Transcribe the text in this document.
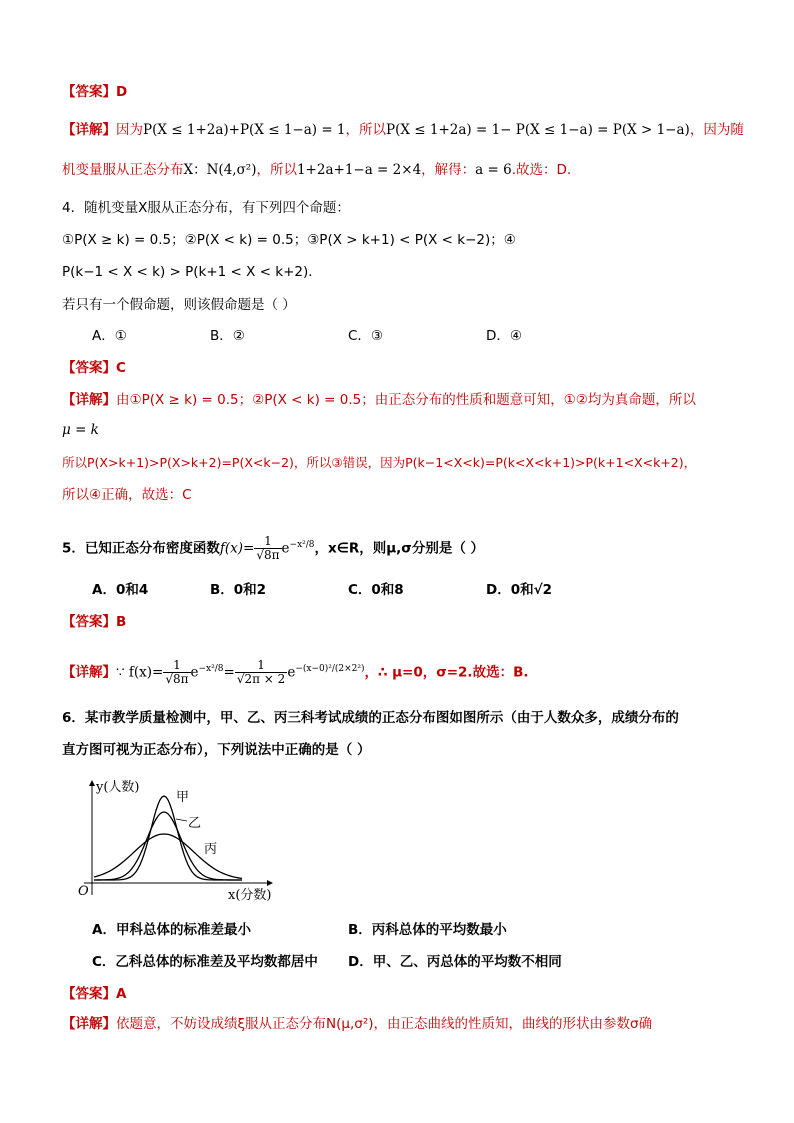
【答案】D
【详解】因为P(X ≤ 1+2a)+P(X ≤ 1−a) = 1，所以P(X ≤ 1+2a) = 1− P(X ≤ 1−a) = P(X > 1−a)，因为随
机变量服从正态分布X：N(4,σ²)，所以1+2a+1−a = 2×4，解得：a = 6.故选：D.
4．随机变量X服从正态分布，有下列四个命题：
①P(X ≥ k) = 0.5；②P(X < k) = 0.5；③P(X > k+1) < P(X < k−2)；④
P(k−1 < X < k) > P(k+1 < X < k+2)．
若只有一个假命题，则该假命题是（ ）
A．①	B．②	C．③	D．④
【答案】C
【详解】由①P(X ≥ k) = 0.5；②P(X < k) = 0.5；由正态分布的性质和题意可知，①②均为真命题，所以
μ = k
所以P(X>k+1)>P(X>k+2)=P(X<k−2)，所以③错误，因为P(k−1<X<k)=P(k<X<k+1)>P(k+1<X<k+2)，
所以④正确，故选：C
5．已知正态分布密度函数$f(x)= \frac{1}{√8\pi} e^{-x^2/8}$，x∈R，则μ,σ分别是（ ）
A．0和4	B．0和2	C．0和8	D．0和√2
【答案】B
【详解】∵ $f(x)= \frac{1}{√8\pi} e^{-x^2/8}= \frac{1}{√2\pi \times 2} e^{-(x-0)^2/(2\times 2^2)}$，∴ μ=0，σ=2.故选：B.
6．某市教学质量检测中，甲、乙、丙三科考试成绩的正态分布图如图所示（由于人数众多，成绩分布的
直方图可视为正态分布），下列说法中正确的是（ ）
y(人数)
x(分数)
O
甲
乙
丙
A．甲科总体的标准差最小	B．丙科总体的平均数最小
C．乙科总体的标准差及平均数都居中 D．甲、乙、丙总体的平均数不相同
【答案】A
【详解】依题意，不妨设成绩ξ服从正态分布N(μ,σ²)，由正态曲线的性质知，曲线的形状由参数σ确
